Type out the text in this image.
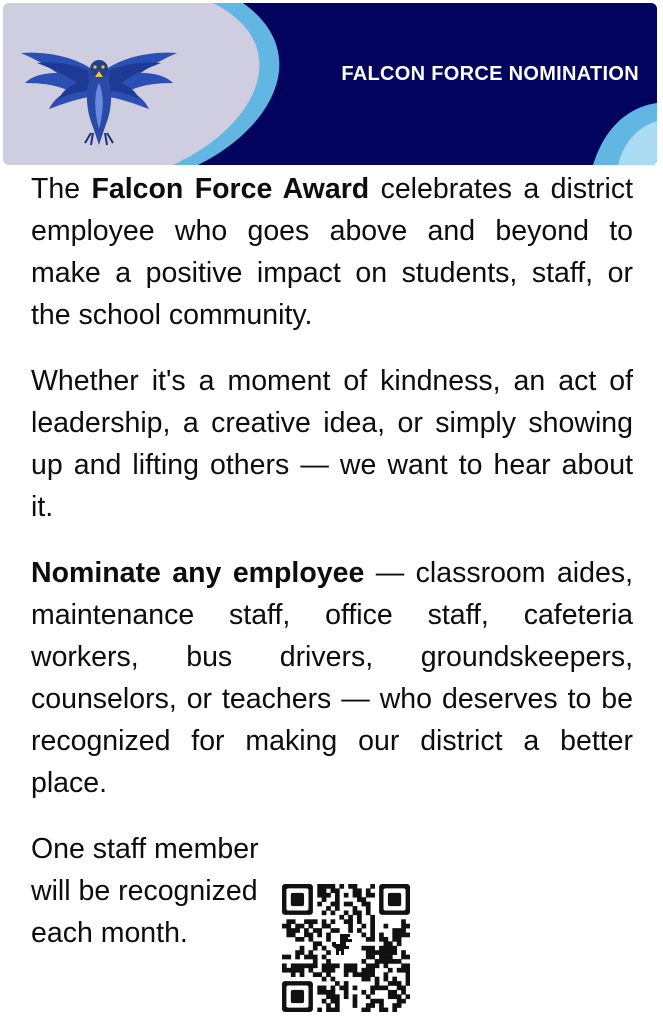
FALCON FORCE NOMINATION

The Falcon Force Award celebrates a district employee who goes above and beyond to make a positive impact on students, staff, or the school community.

Whether it's a moment of kindness, an act of leadership, a creative idea, or simply showing up and lifting others — we want to hear about it.

Nominate any employee — classroom aides, maintenance staff, office staff, cafeteria workers, bus drivers, groundskeepers, counselors, or teachers — who deserves to be recognized for making our district a better place.

One staff member will be recognized each month.
